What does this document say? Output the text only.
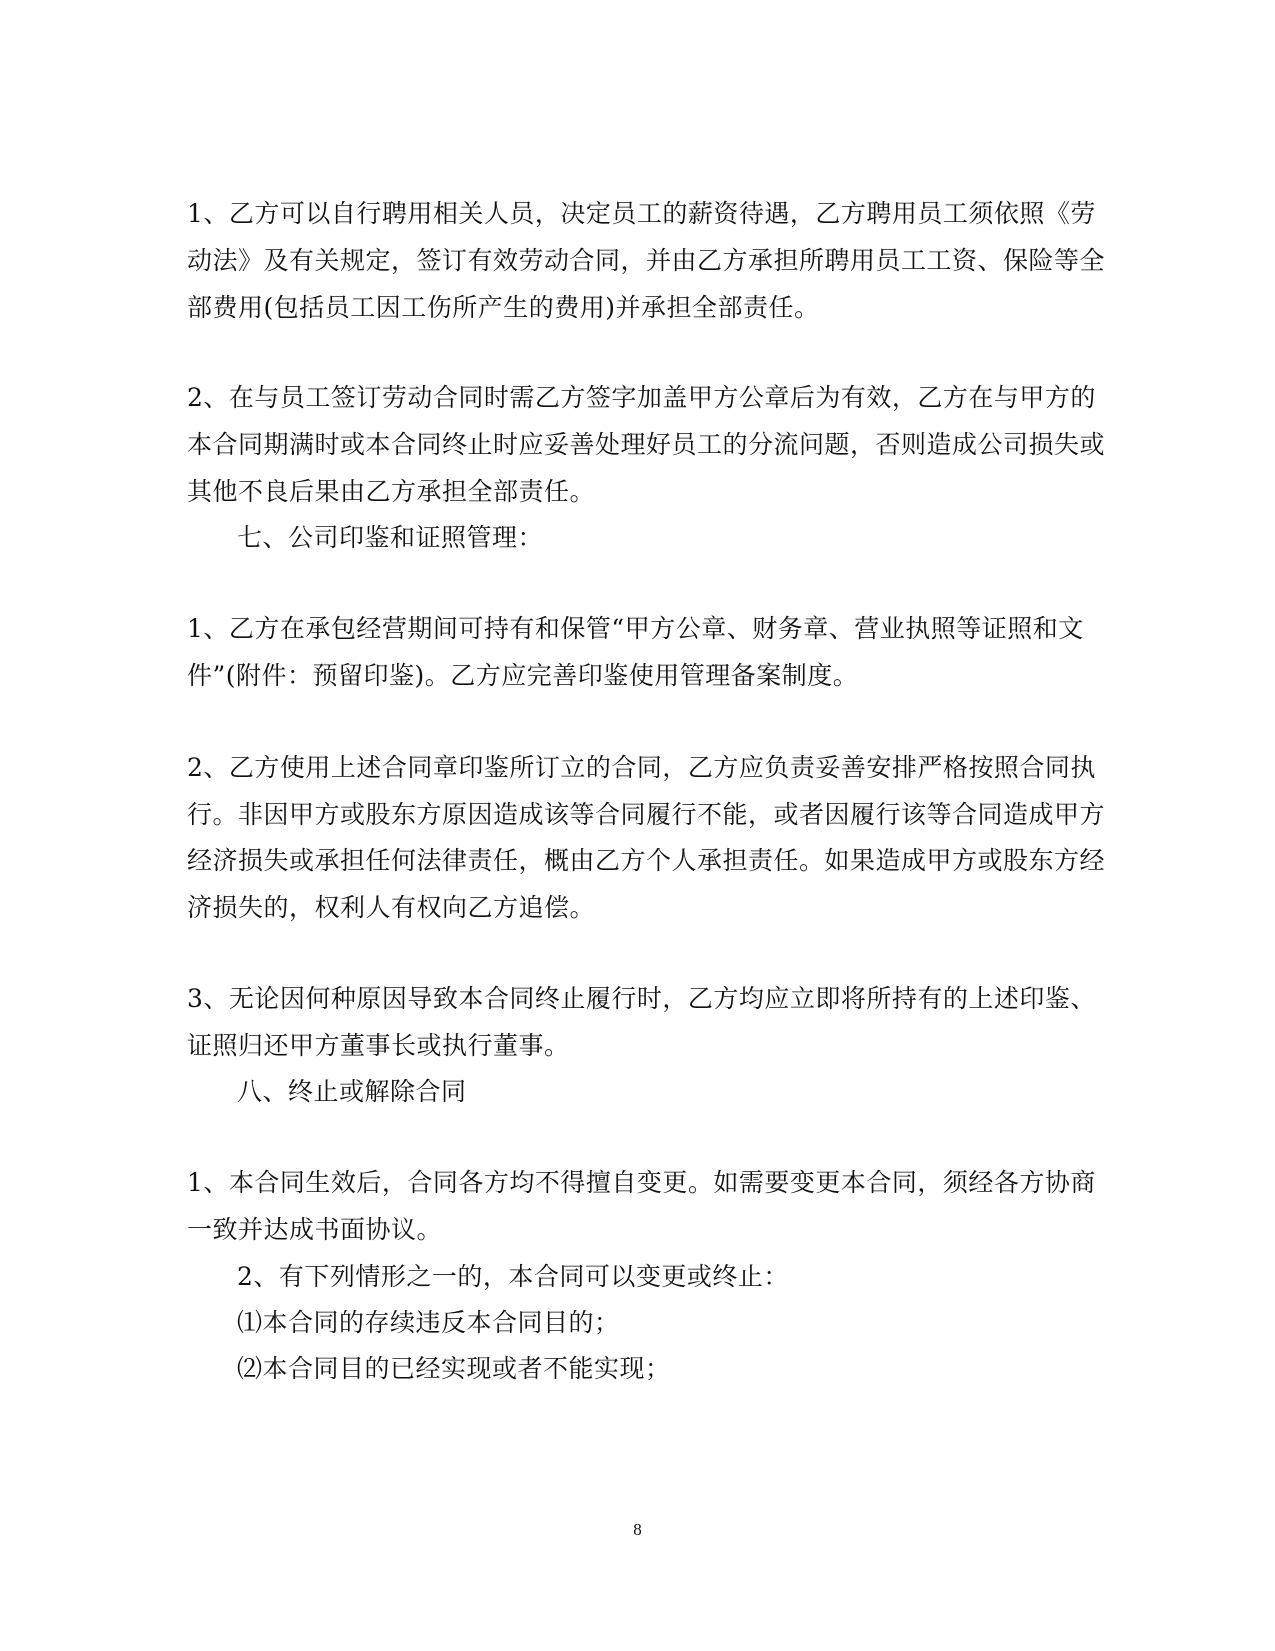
1、乙方可以自行聘用相关人员，决定员工的薪资待遇，乙方聘用员工须依照《劳
动法》及有关规定，签订有效劳动合同，并由乙方承担所聘用员工工资、保险等全
部费用(包括员工因工伤所产生的费用)并承担全部责任。
2、在与员工签订劳动合同时需乙方签字加盖甲方公章后为有效，乙方在与甲方的
本合同期满时或本合同终止时应妥善处理好员工的分流问题，否则造成公司损失或
其他不良后果由乙方承担全部责任。
七、公司印鉴和证照管理：
1、乙方在承包经营期间可持有和保管“甲方公章、财务章、营业执照等证照和文
件”(附件：预留印鉴)。乙方应完善印鉴使用管理备案制度。
2、乙方使用上述合同章印鉴所订立的合同，乙方应负责妥善安排严格按照合同执
行。非因甲方或股东方原因造成该等合同履行不能，或者因履行该等合同造成甲方
经济损失或承担任何法律责任，概由乙方个人承担责任。如果造成甲方或股东方经
济损失的，权利人有权向乙方追偿。
3、无论因何种原因导致本合同终止履行时，乙方均应立即将所持有的上述印鉴、
证照归还甲方董事长或执行董事。
八、终止或解除合同
1、本合同生效后，合同各方均不得擅自变更。如需要变更本合同，须经各方协商
一致并达成书面协议。
2、有下列情形之一的，本合同可以变更或终止：
⑴本合同的存续违反本合同目的；
⑵本合同目的已经实现或者不能实现；
8
